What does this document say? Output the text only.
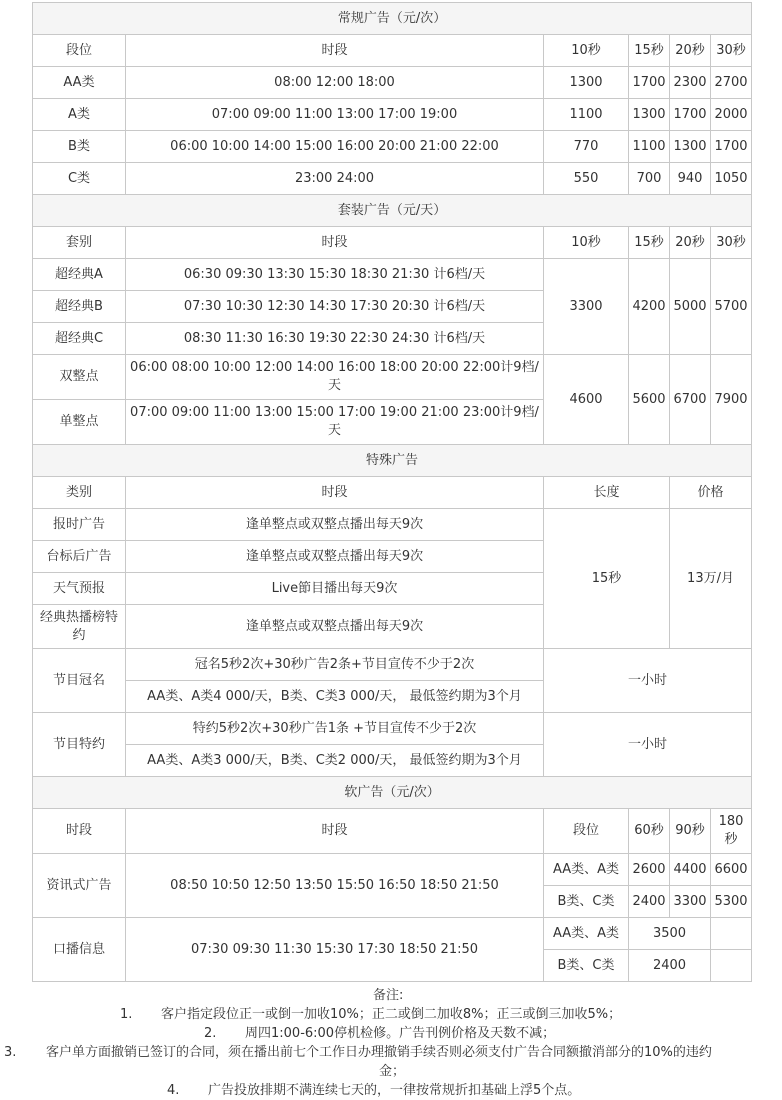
常规广告（元/次）					
段位	时段	10秒	15秒	20秒	30秒
AA类	08:00 12:00 18:00	1300	1700	2300	2700
A类	07:00 09:00 11:00 13:00 17:00 19:00	1100	1300	1700	2000
B类	06:00 10:00 14:00 15:00 16:00 20:00 21:00 22:00	770	1100	1300	1700
C类	23:00 24:00	550	700	940	1050
套装广告（元/天）					
套别	时段	10秒	15秒	20秒	30秒
超经典A	06:30 09:30 13:30 15:30 18:30 21:30 计6档/天	3300	4200	5000	5700
超经典B	07:30 10:30 12:30 14:30 17:30 20:30 计6档/天				
超经典C	08:30 11:30 16:30 19:30 22:30 24:30 计6档/天				
双整点	06:00 08:00 10:00 12:00 14:00 16:00 18:00 20:00 22:00计9档/天	4600	5600	6700	7900
单整点	07:00 09:00 11:00 13:00 15:00 17:00 19:00 21:00 23:00计9档/天				
特殊广告					
类别	时段	长度		价格	
报时广告	逢单整点或双整点播出每天9次	15秒		13万/月	
台标后广告	逢单整点或双整点播出每天9次				
天气预报	Live節目播出每天9次				
经典热播榜特约	逢单整点或双整点播出每天9次				
节目冠名	冠名5秒2次+30秒广告2条+节目宣传不少于2次	一小时			
	AA类、A类4 000/天，B类、C类3 000/天， 最低签约期为3个月				
节目特约	特约5秒2次+30秒广告1条 +节目宣传不少于2次	一小时			
	AA类、A类3 000/天，B类、C类2 000/天， 最低签约期为3个月				
软广告（元/次）					
时段	时段	段位	60秒	90秒	180秒
资讯式广告	08:50 10:50 12:50 13:50 15:50 16:50 18:50 21:50	AA类、A类	2600	4400	6600
		B类、C类	2400	3300	5300
口播信息	07:30 09:30 11:30 15:30 17:30 18:50 21:50	AA类、A类	3500		
		B类、C类	2400		
备注:
1. 客户指定段位正一或倒一加收10%；正二或倒二加收8%；正三或倒三加收5%；
2. 周四1:00-6:00停机检修。广告刊例价格及天数不减；
3. 客户单方面撤销已签订的合同，须在播出前七个工作日办理撤销手续否则必须支付广告合同额撤消部分的10%的违约
金；
4. 广告投放排期不满连续七天的，一律按常规折扣基础上浮5个点。
